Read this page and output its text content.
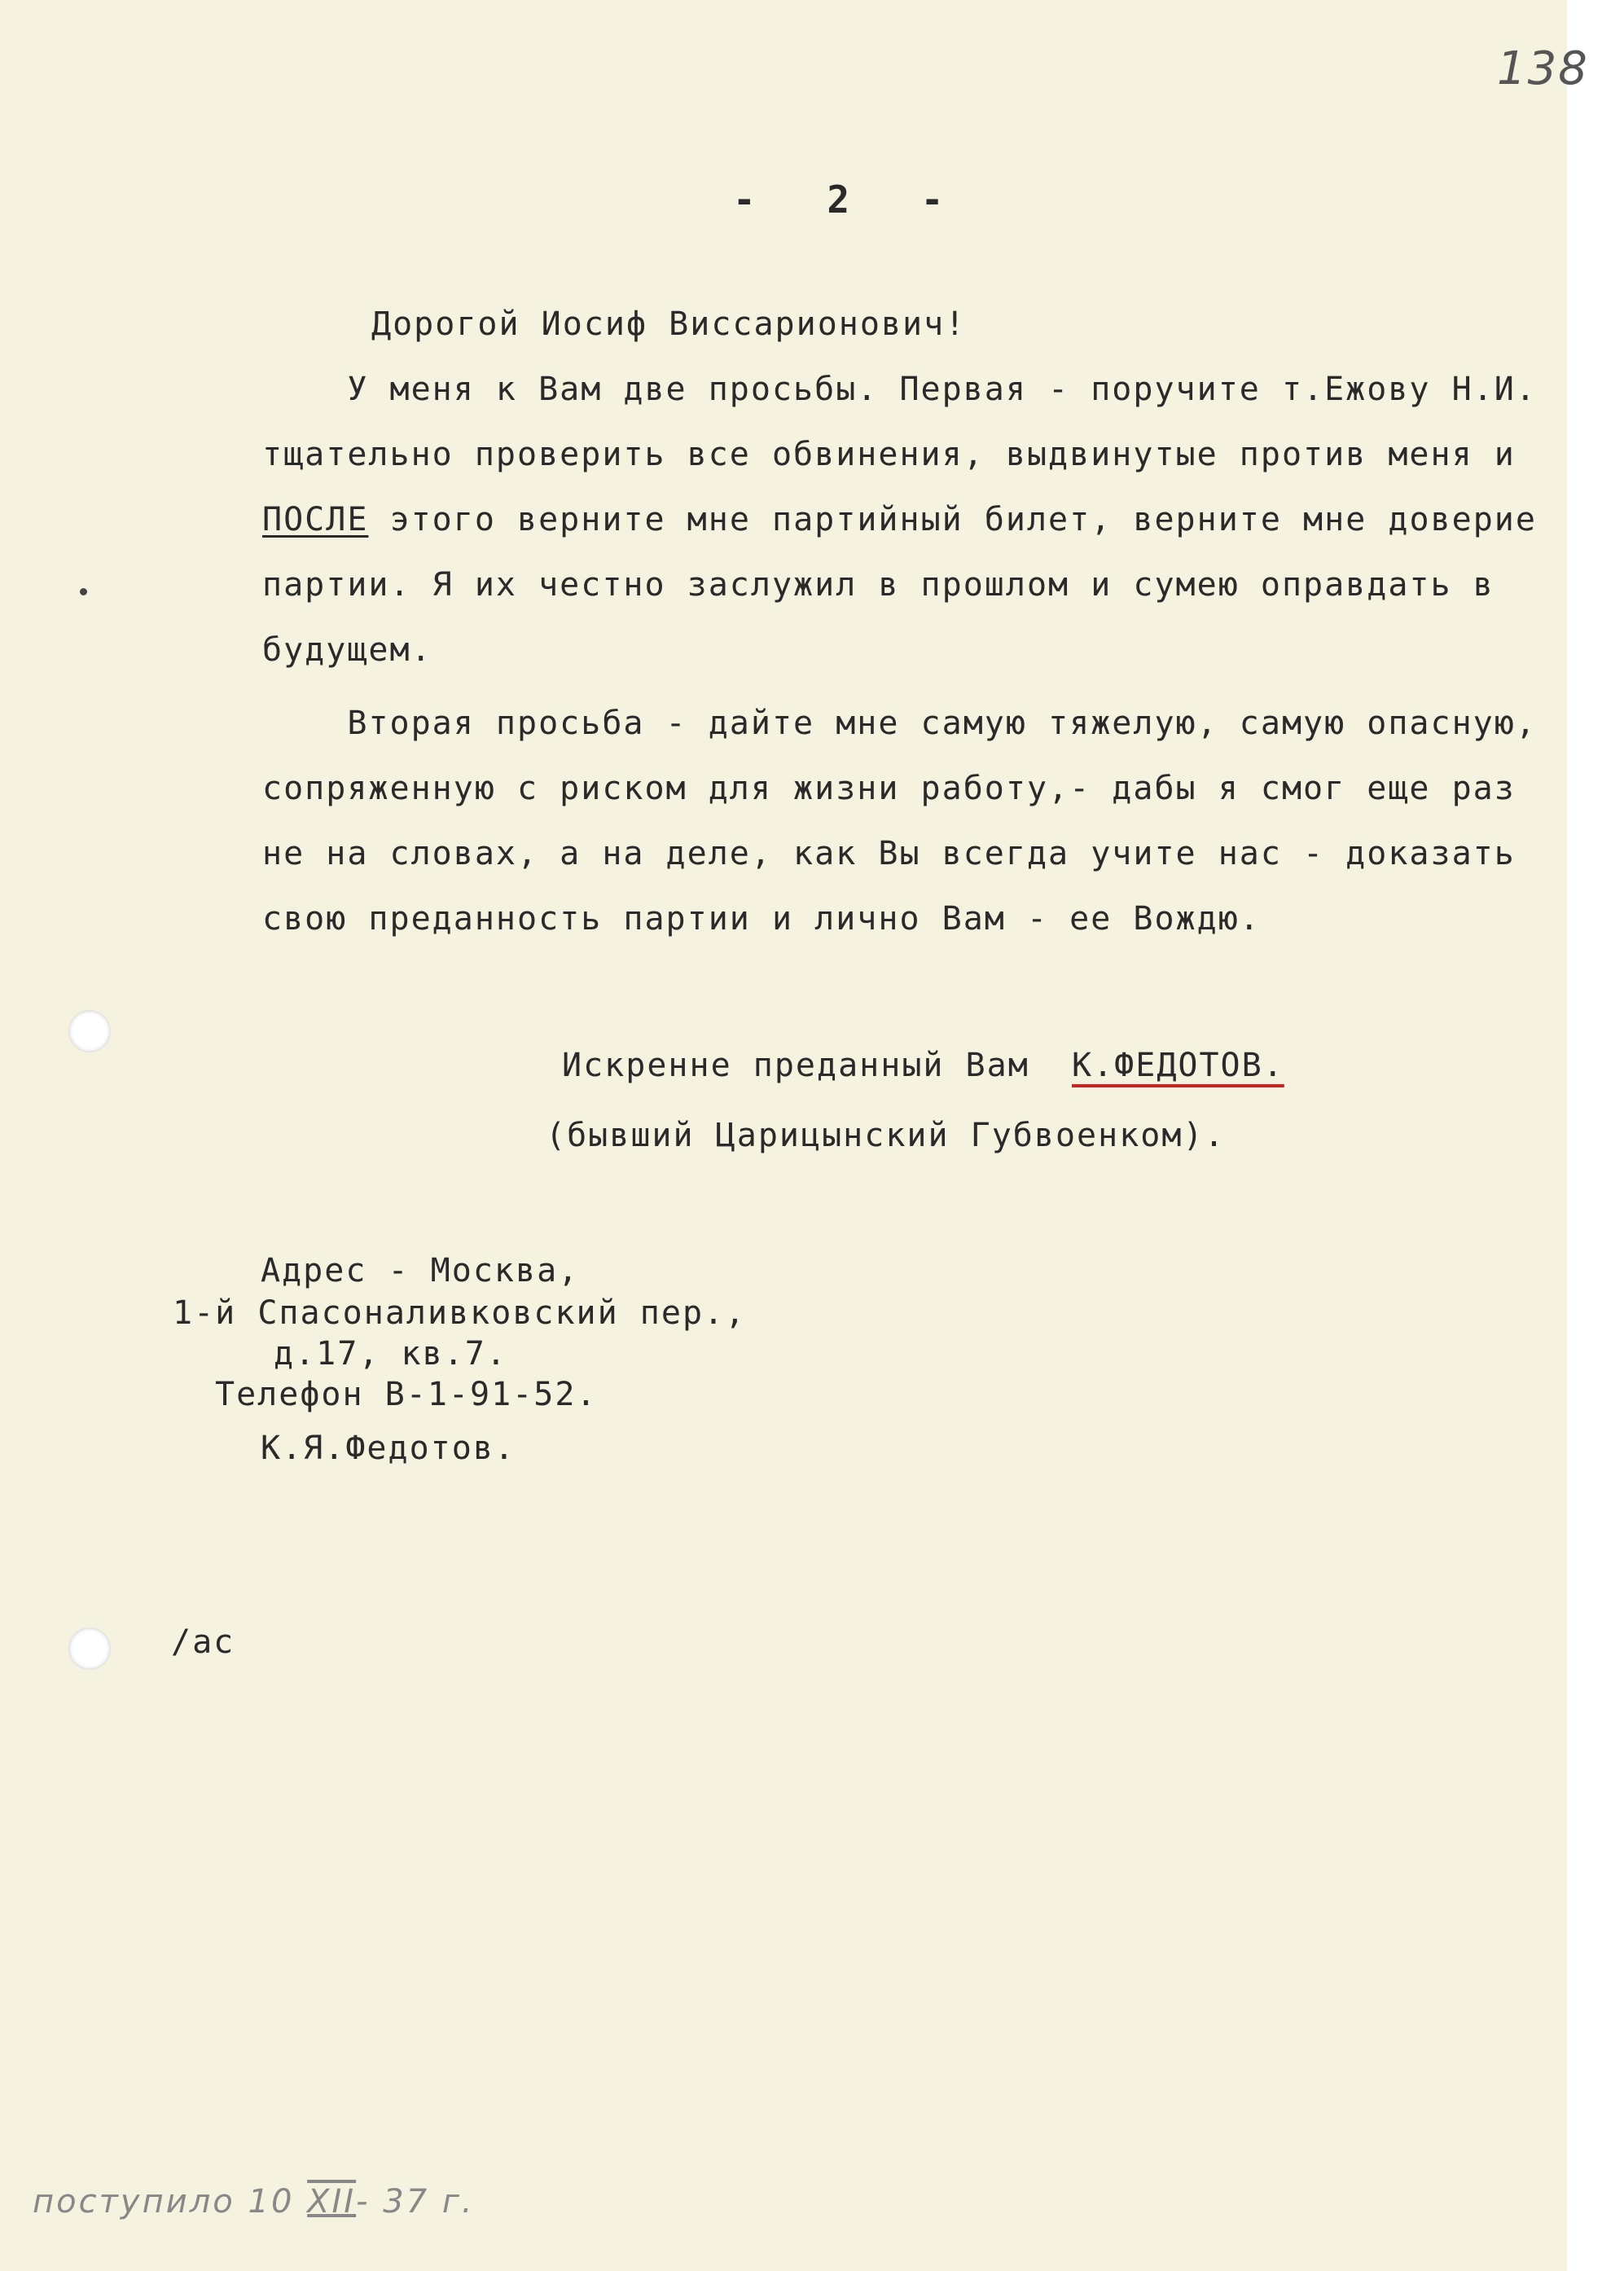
138
- 2 -
Дорогой Иосиф Виссарионович!
У меня к Вам две просьбы. Первая - поручите т.Ежову Н.И.
тщательно проверить все обвинения, выдвинутые против меня и
ПОСЛЕ этого верните мне партийный билет, верните мне доверие
партии. Я их честно заслужил в прошлом и сумею оправдать в
будущем.
Вторая просьба - дайте мне самую тяжелую, самую опасную,
сопряженную с риском для жизни работу,- дабы я смог еще раз
не на словах, а на деле, как Вы всегда учите нас - доказать
свою преданность партии и лично Вам - ее Вождю.
Искренне преданный Вам К.ФЕДОТОВ.
(бывший Царицынский Губвоенком).
Адрес - Москва,
1-й Спасоналивковский пер.,
д.17, кв.7.
Телефон В-1-91-52.
К.Я.Федотов.
/ас
поступило 10 XII- 37 г.
